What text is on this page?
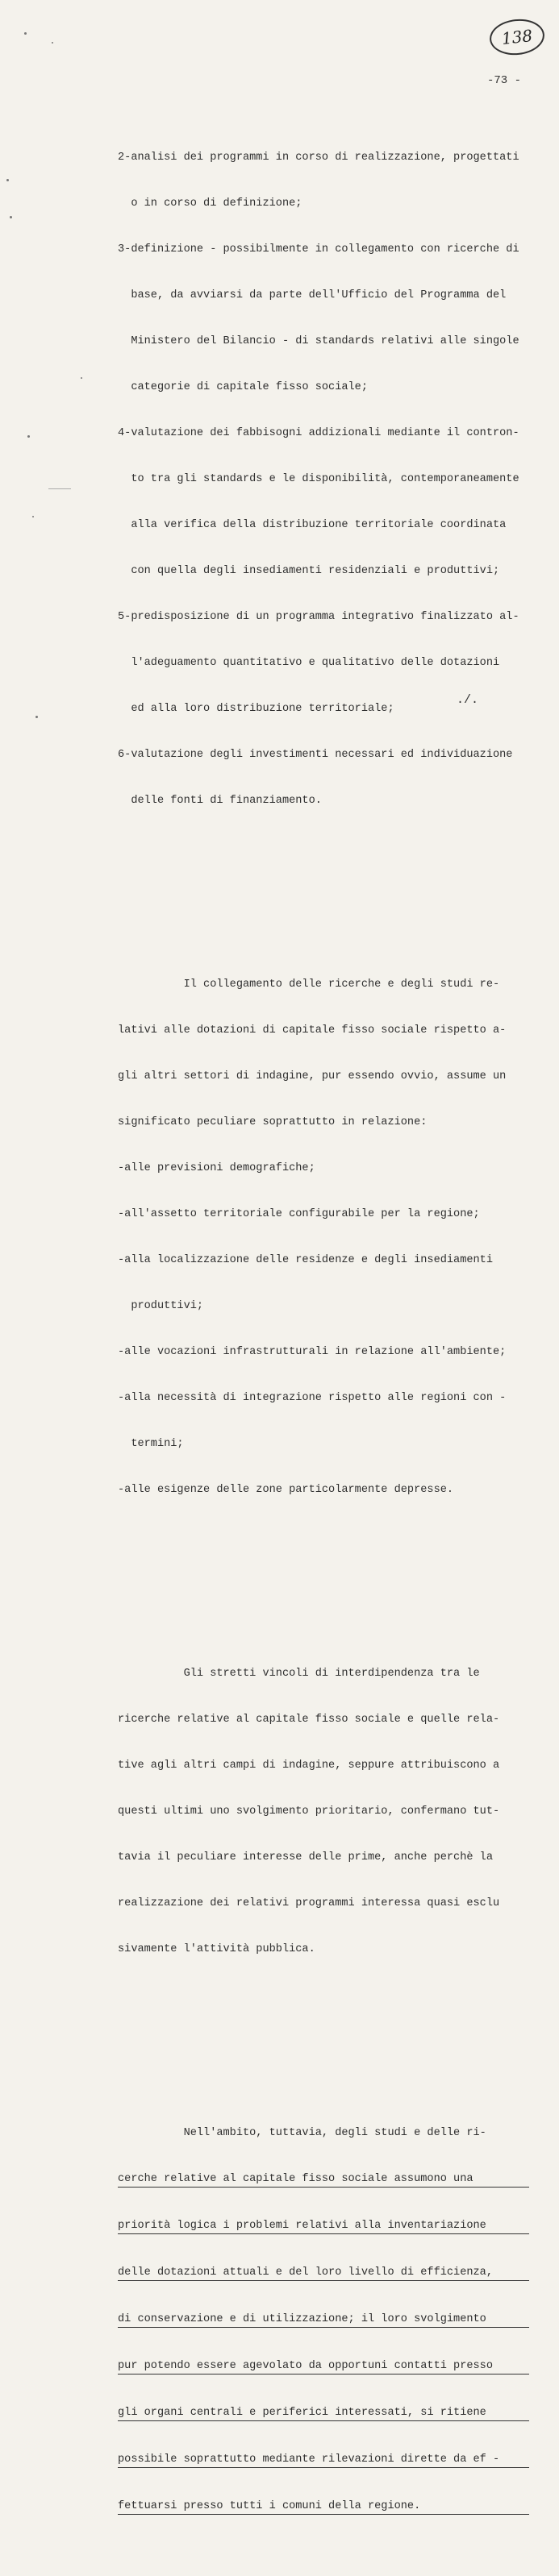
138
-73 -

2-analisi dei programmi in corso di realizzazione, progettati

o in corso di definizione;

3-definizione - possibilmente in collegamento con ricerche di

base, da avviarsi da parte dell'Ufficio del Programma del

Ministero del Bilancio - di standards relativi alle singole

categorie di capitale fisso sociale;

4-valutazione dei fabbisogni addizionali mediante il contron-

to tra gli standards e le disponibilità, contemporaneamente

alla verifica della distribuzione territoriale coordinata

con quella degli insediamenti residenziali e produttivi;

5-predisposizione di un programma integrativo finalizzato al-

l'adeguamento quantitativo e qualitativo delle dotazioni

ed alla loro distribuzione territoriale;

6-valutazione degli investimenti necessari ed individuazione

delle fonti di finanziamento.

Il collegamento delle ricerche e degli studi re-

lativi alle dotazioni di capitale fisso sociale rispetto a-

gli altri settori di indagine, pur essendo ovvio, assume un

significato peculiare soprattutto in relazione:

-alle previsioni demografiche;

-all'assetto territoriale configurabile per la regione;

-alla localizzazione delle residenze e degli insediamenti

produttivi;

-alle vocazioni infrastrutturali in relazione all'ambiente;

-alla necessità di integrazione rispetto alle regioni con -

termini;

-alle esigenze delle zone particolarmente depresse.

Gli stretti vincoli di interdipendenza tra le

ricerche relative al capitale fisso sociale e quelle rela-

tive agli altri campi di indagine, seppure attribuiscono a

questi ultimi uno svolgimento prioritario, confermano tut-

tavia il peculiare interesse delle prime, anche perchè la

realizzazione dei relativi programmi interessa quasi esclu

sivamente l'attività pubblica.

Nell'ambito, tuttavia, degli studi e delle ri-

cerche relative al capitale fisso sociale assumono una

priorità logica i problemi relativi alla inventariazione

delle dotazioni attuali e del loro livello di efficienza,

di conservazione e di utilizzazione; il loro svolgimento

pur potendo essere agevolato da opportuni contatti presso

gli organi centrali e periferici interessati, si ritiene

possibile soprattutto mediante rilevazioni dirette da ef -

fettuarsi presso tutti i comuni della regione.

./.
